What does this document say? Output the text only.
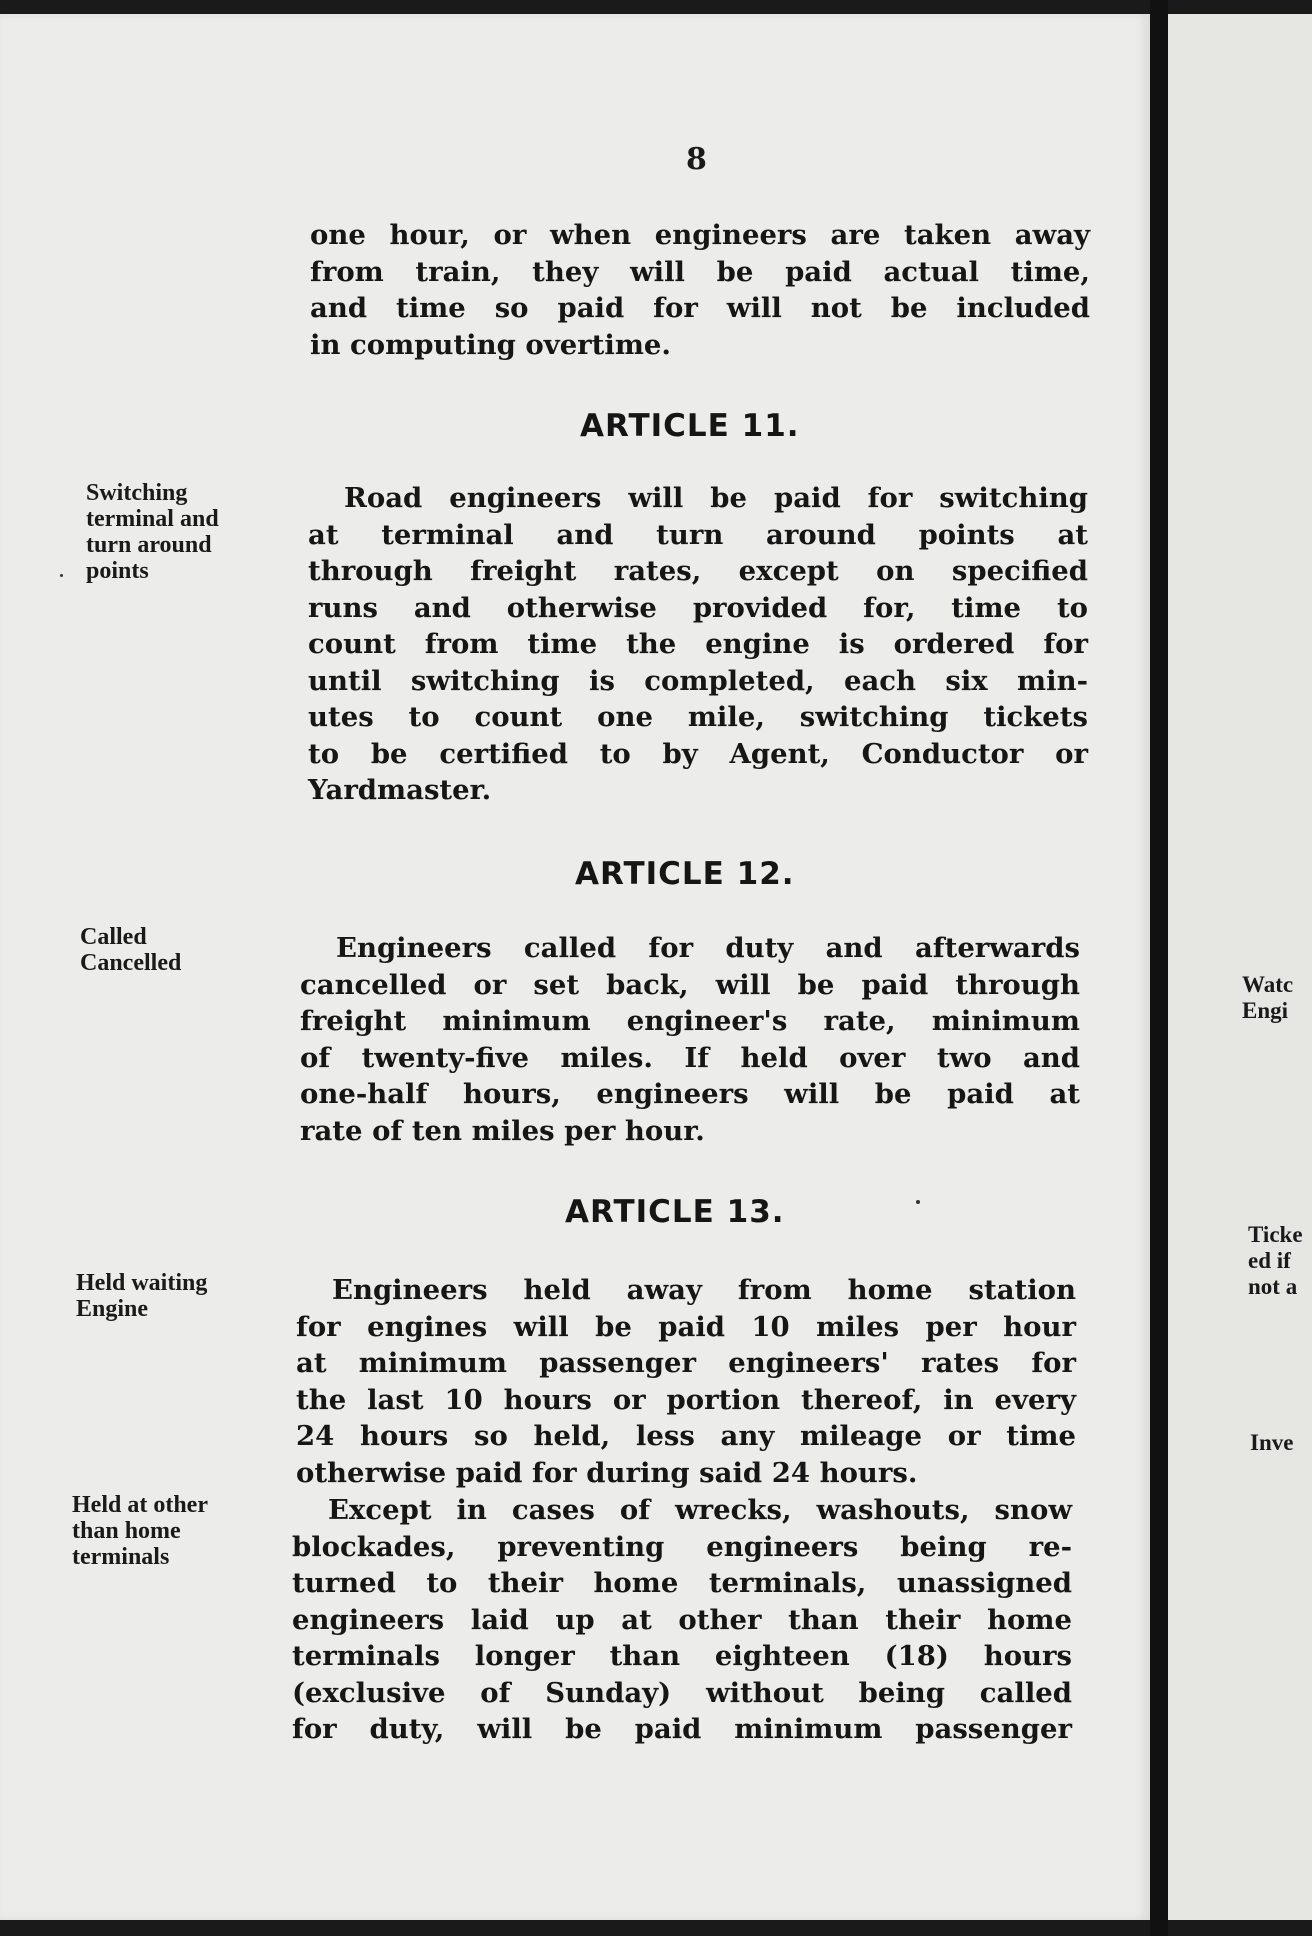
8
one hour, or when engineers are taken away
from train, they will be paid actual time,
and time so paid for will not be included
in computing overtime.
ARTICLE 11.
Switching
terminal and
turn around
points
Road engineers will be paid for switching
at terminal and turn around points at
through freight rates, except on specified
runs and otherwise provided for, time to
count from time the engine is ordered for
until switching is completed, each six min-
utes to count one mile, switching tickets
to be certified to by Agent, Conductor or
Yardmaster.
ARTICLE 12.
Called
Cancelled	Engineers called for duty and afterwards
cancelled or set back, will be paid through
freight minimum engineer's rate, minimum
of twenty-five miles. If held over two and
one-half hours, engineers will be paid at
rate of ten miles per hour.
ARTICLE 13.
Held waiting
Engine
Engineers held away from home station
for engines will be paid 10 miles per hour
at minimum passenger engineers' rates for
the last 10 hours or portion thereof, in every
24 hours so held, less any mileage or time
otherwise paid for during said 24 hours.
Held at other
than home
terminals
Except in cases of wrecks, washouts, snow
blockades, preventing engineers being re-
turned to their home terminals, unassigned
engineers laid up at other than their home
terminals longer than eighteen (18) hours
(exclusive of Sunday) without being called
for duty, will be paid minimum passenger
Watc
Engi
Ticke
ed if
not a
Inve
